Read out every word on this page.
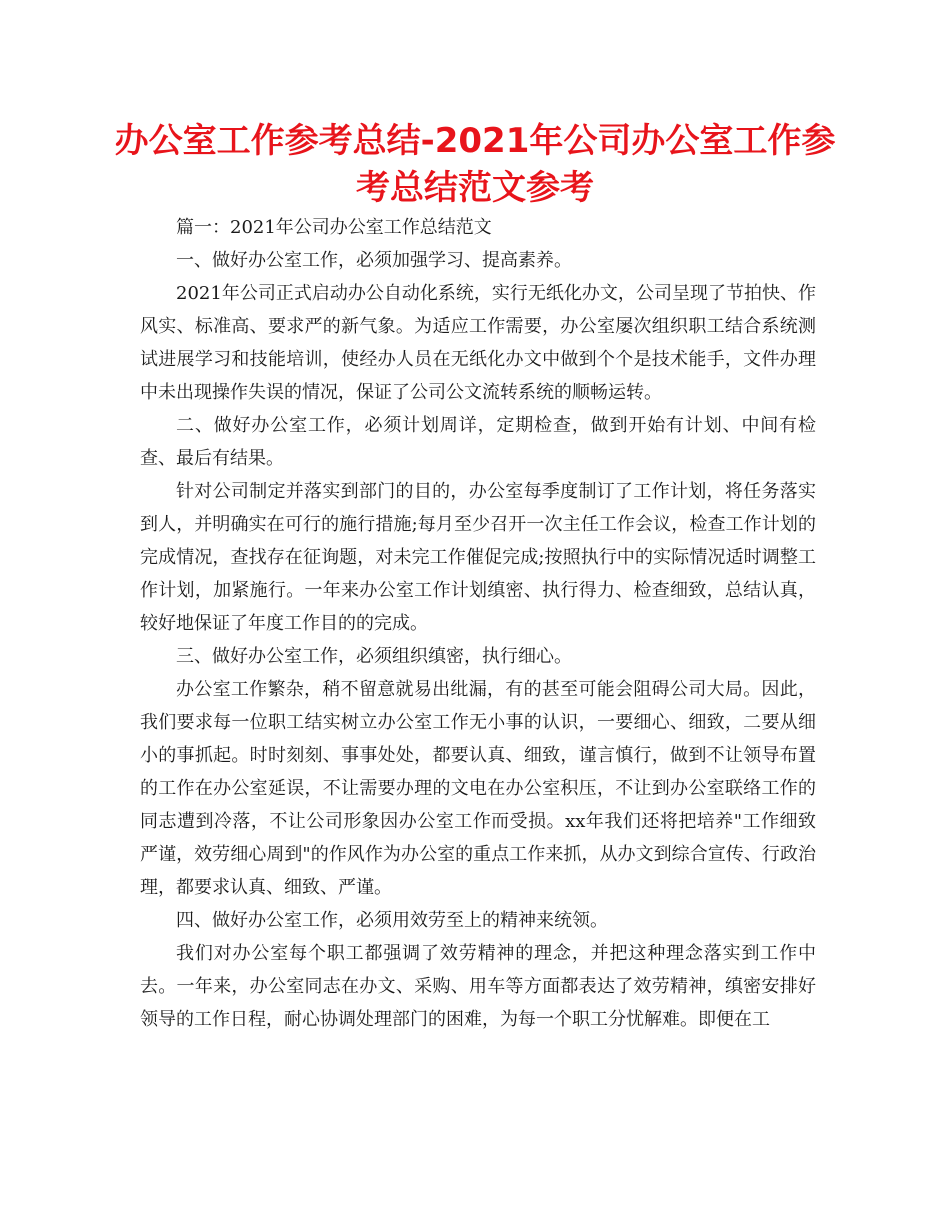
办公室工作参考总结-2021年公司办公室工作参考总结范文参考

篇一：2021年公司办公室工作总结范文

一、做好办公室工作，必须加强学习、提高素养。

2021年公司正式启动办公自动化系统，实行无纸化办文，公司呈现了节拍快、作风实、标准高、要求严的新气象。为适应工作需要，办公室屡次组织职工结合系统测试进展学习和技能培训，使经办人员在无纸化办文中做到个个是技术能手，文件办理中未出现操作失误的情况，保证了公司公文流转系统的顺畅运转。

二、做好办公室工作，必须计划周详，定期检查，做到开始有计划、中间有检查、最后有结果。

针对公司制定并落实到部门的目的，办公室每季度制订了工作计划，将任务落实到人，并明确实在可行的施行措施;每月至少召开一次主任工作会议，检查工作计划的完成情况，查找存在征询题，对未完工作催促完成;按照执行中的实际情况适时调整工作计划，加紧施行。一年来办公室工作计划缜密、执行得力、检查细致，总结认真，较好地保证了年度工作目的的完成。

三、做好办公室工作，必须组织缜密，执行细心。

办公室工作繁杂，稍不留意就易出纰漏，有的甚至可能会阻碍公司大局。因此，我们要求每一位职工结实树立办公室工作无小事的认识，一要细心、细致，二要从细小的事抓起。时时刻刻、事事处处，都要认真、细致，谨言慎行，做到不让领导布置的工作在办公室延误，不让需要办理的文电在办公室积压，不让到办公室联络工作的同志遭到冷落，不让公司形象因办公室工作而受损。xx年我们还将把培养"工作细致严谨，效劳细心周到"的作风作为办公室的重点工作来抓，从办文到综合宣传、行政治理，都要求认真、细致、严谨。

四、做好办公室工作，必须用效劳至上的精神来统领。

我们对办公室每个职工都强调了效劳精神的理念，并把这种理念落实到工作中去。一年来，办公室同志在办文、采购、用车等方面都表达了效劳精神，缜密安排好领导的工作日程，耐心协调处理部门的困难，为每一个职工分忧解难。即便在工
